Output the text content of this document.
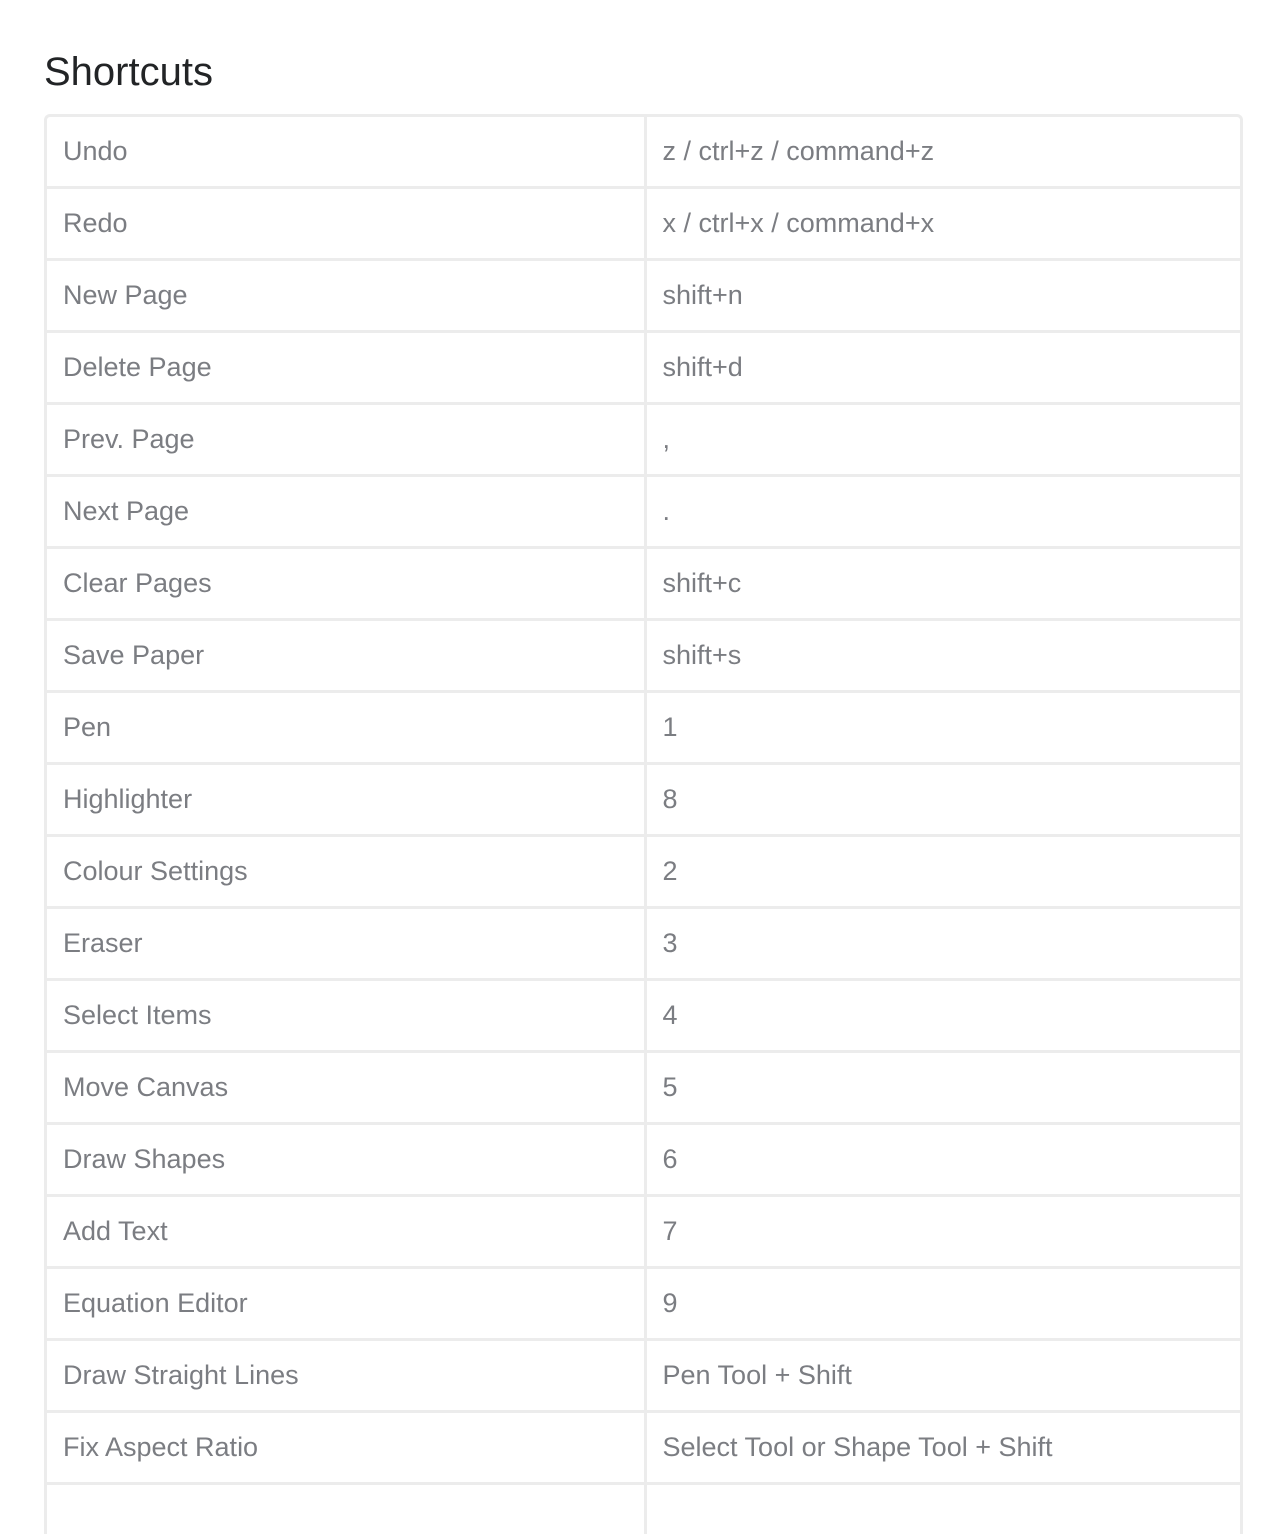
Shortcuts
Undo	z / ctrl+z / command+z
Redo	x / ctrl+x / command+x
New Page	shift+n
Delete Page	shift+d
Prev. Page	,
Next Page	.
Clear Pages	shift+c
Save Paper	shift+s
Pen	1
Highlighter	8
Colour Settings	2
Eraser	3
Select Items	4
Move Canvas	5
Draw Shapes	6
Add Text	7
Equation Editor	9
Draw Straight Lines	Pen Tool + Shift
Fix Aspect Ratio	Select Tool or Shape Tool + Shift
